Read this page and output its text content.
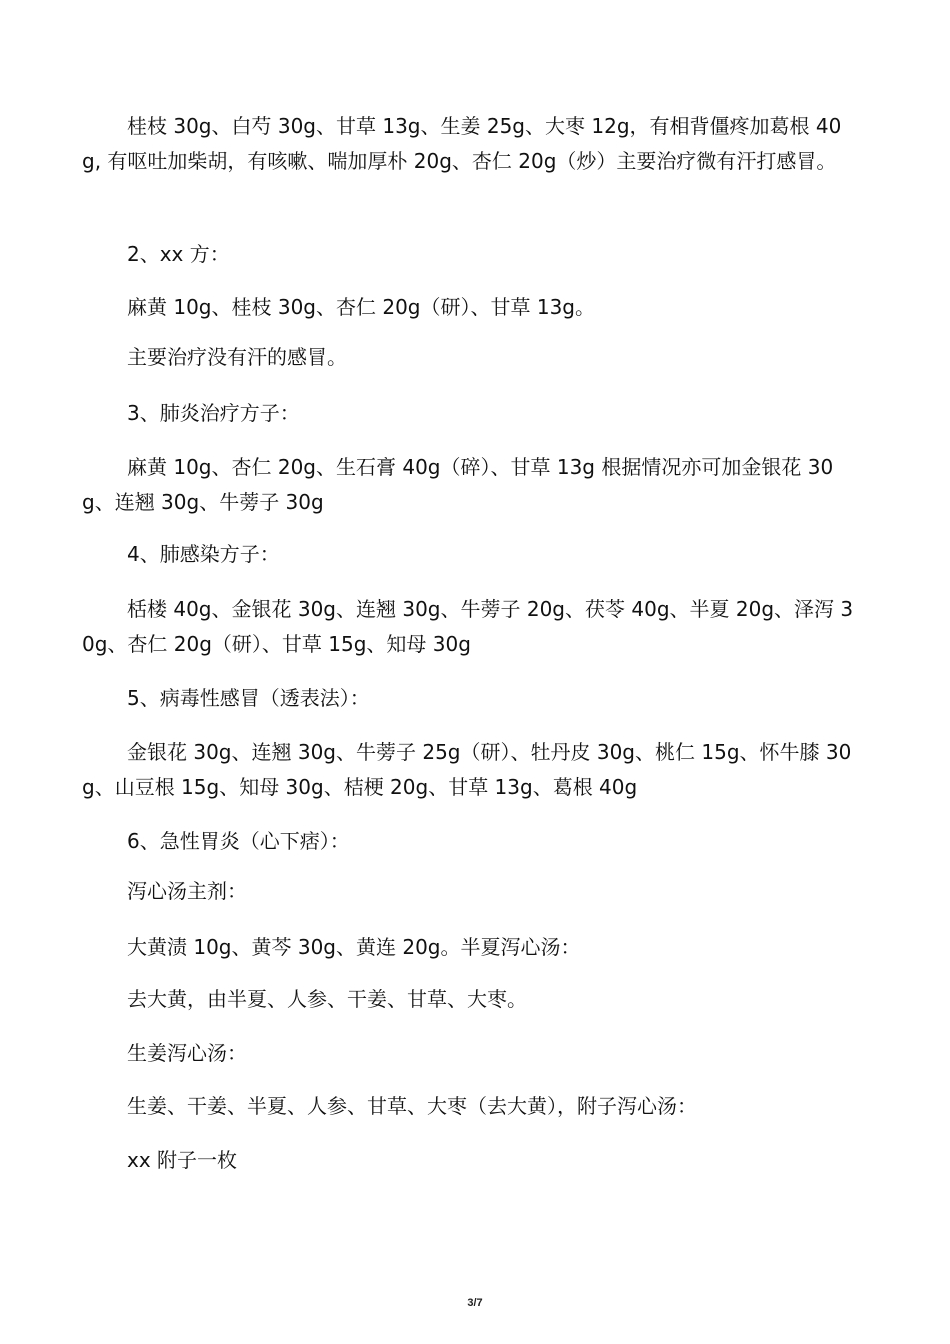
桂枝 30g、白芍 30g、甘草 13g、生姜 25g、大枣 12g，有相背僵疼加葛根 40g, 有呕吐加柴胡，有咳嗽、喘加厚朴 20g、杏仁 20g（炒）主要治疗微有汗打感冒。

2、xx 方：

麻黄 10g、桂枝 30g、杏仁 20g（研）、甘草 13g。

主要治疗没有汗的感冒。

3、肺炎治疗方子：

麻黄 10g、杏仁 20g、生石膏 40g（碎）、甘草 13g 根据情况亦可加金银花 30g、连翘 30g、牛蒡子 30g

4、肺感染方子：

栝楼 40g、金银花 30g、连翘 30g、牛蒡子 20g、茯苓 40g、半夏 20g、泽泻 30g、杏仁 20g（研）、甘草 15g、知母 30g

5、病毒性感冒（透表法）：

金银花 30g、连翘 30g、牛蒡子 25g（研）、牡丹皮 30g、桃仁 15g、怀牛膝 30g、山豆根 15g、知母 30g、桔梗 20g、甘草 13g、葛根 40g

6、急性胃炎（心下痞）：

泻心汤主剂：

大黄渍 10g、黄芩 30g、黄连 20g。半夏泻心汤：

去大黄，由半夏、人参、干姜、甘草、大枣。

生姜泻心汤：

生姜、干姜、半夏、人参、甘草、大枣（去大黄），附子泻心汤：

xx 附子一枚

3/7
